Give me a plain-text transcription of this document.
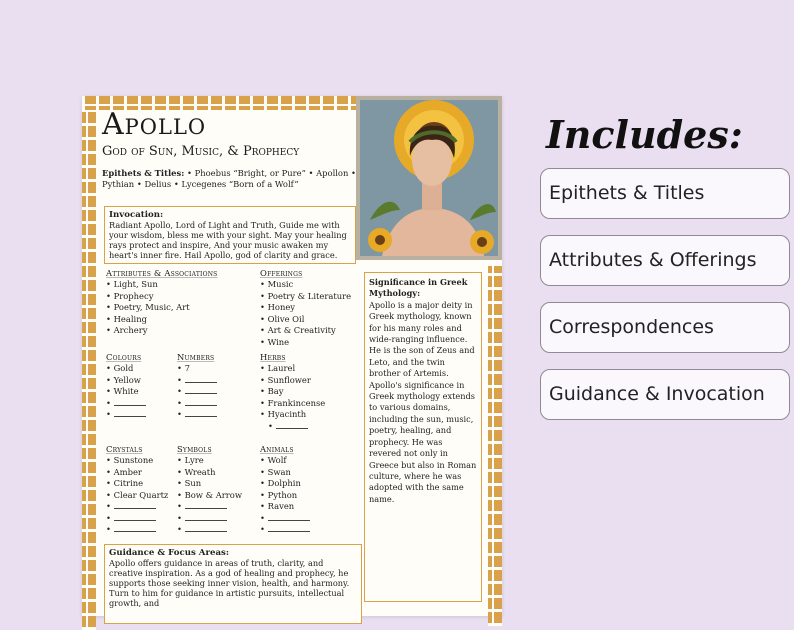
Apollo
God of Sun, Music, & Prophecy
Epithets & Titles: • Phoebus “Bright, or Pure” • Apollon • Pythian • Delius • Lycegenes “Born of a Wolf”
Invocation:
Radiant Apollo, Lord of Light and Truth, Guide me with your wisdom, bless me with your sight. May your healing rays protect and inspire, And your music awaken my heart's inner fire. Hail Apollo, god of clarity and grace.
Attributes & Associations
• Light, Sun
• Prophecy
• Poetry, Music, Art
• Healing
• Archery
Offerings
• Music
• Poetry & Literature
• Honey
• Olive Oil
• Art & Creativity
• Wine
Colours
• Gold
• Yellow
• White
•
•
Numbers
• 7
•
•
•
•
Herbs
• Laurel
• Sunflower
• Bay
• Frankincense
• Hyacinth
•
Crystals
• Sunstone
• Amber
• Citrine
• Clear Quartz
•
•
•
Symbols
• Lyre
• Wreath
• Sun
• Bow & Arrow
•
•
•
Animals
• Wolf
• Swan
• Dolphin
• Python
• Raven
•
•
Guidance & Focus Areas:
Apollo offers guidance in areas of truth, clarity, and creative inspiration. As a god of healing and prophecy, he supports those seeking inner vision, health, and harmony. Turn to him for guidance in artistic pursuits, intellectual growth, and
Significance in Greek Mythology:
Apollo is a major deity in Greek mythology, known for his many roles and wide-ranging influence. He is the son of Zeus and Leto, and the twin brother of Artemis. Apollo's significance in Greek mythology extends to various domains, including the sun, music, poetry, healing, and prophecy. He was revered not only in Greece but also in Roman culture, where he was adopted with the same name.
Includes:
Epithets & Titles
Attributes & Offerings
Correspondences
Guidance & Invocation
